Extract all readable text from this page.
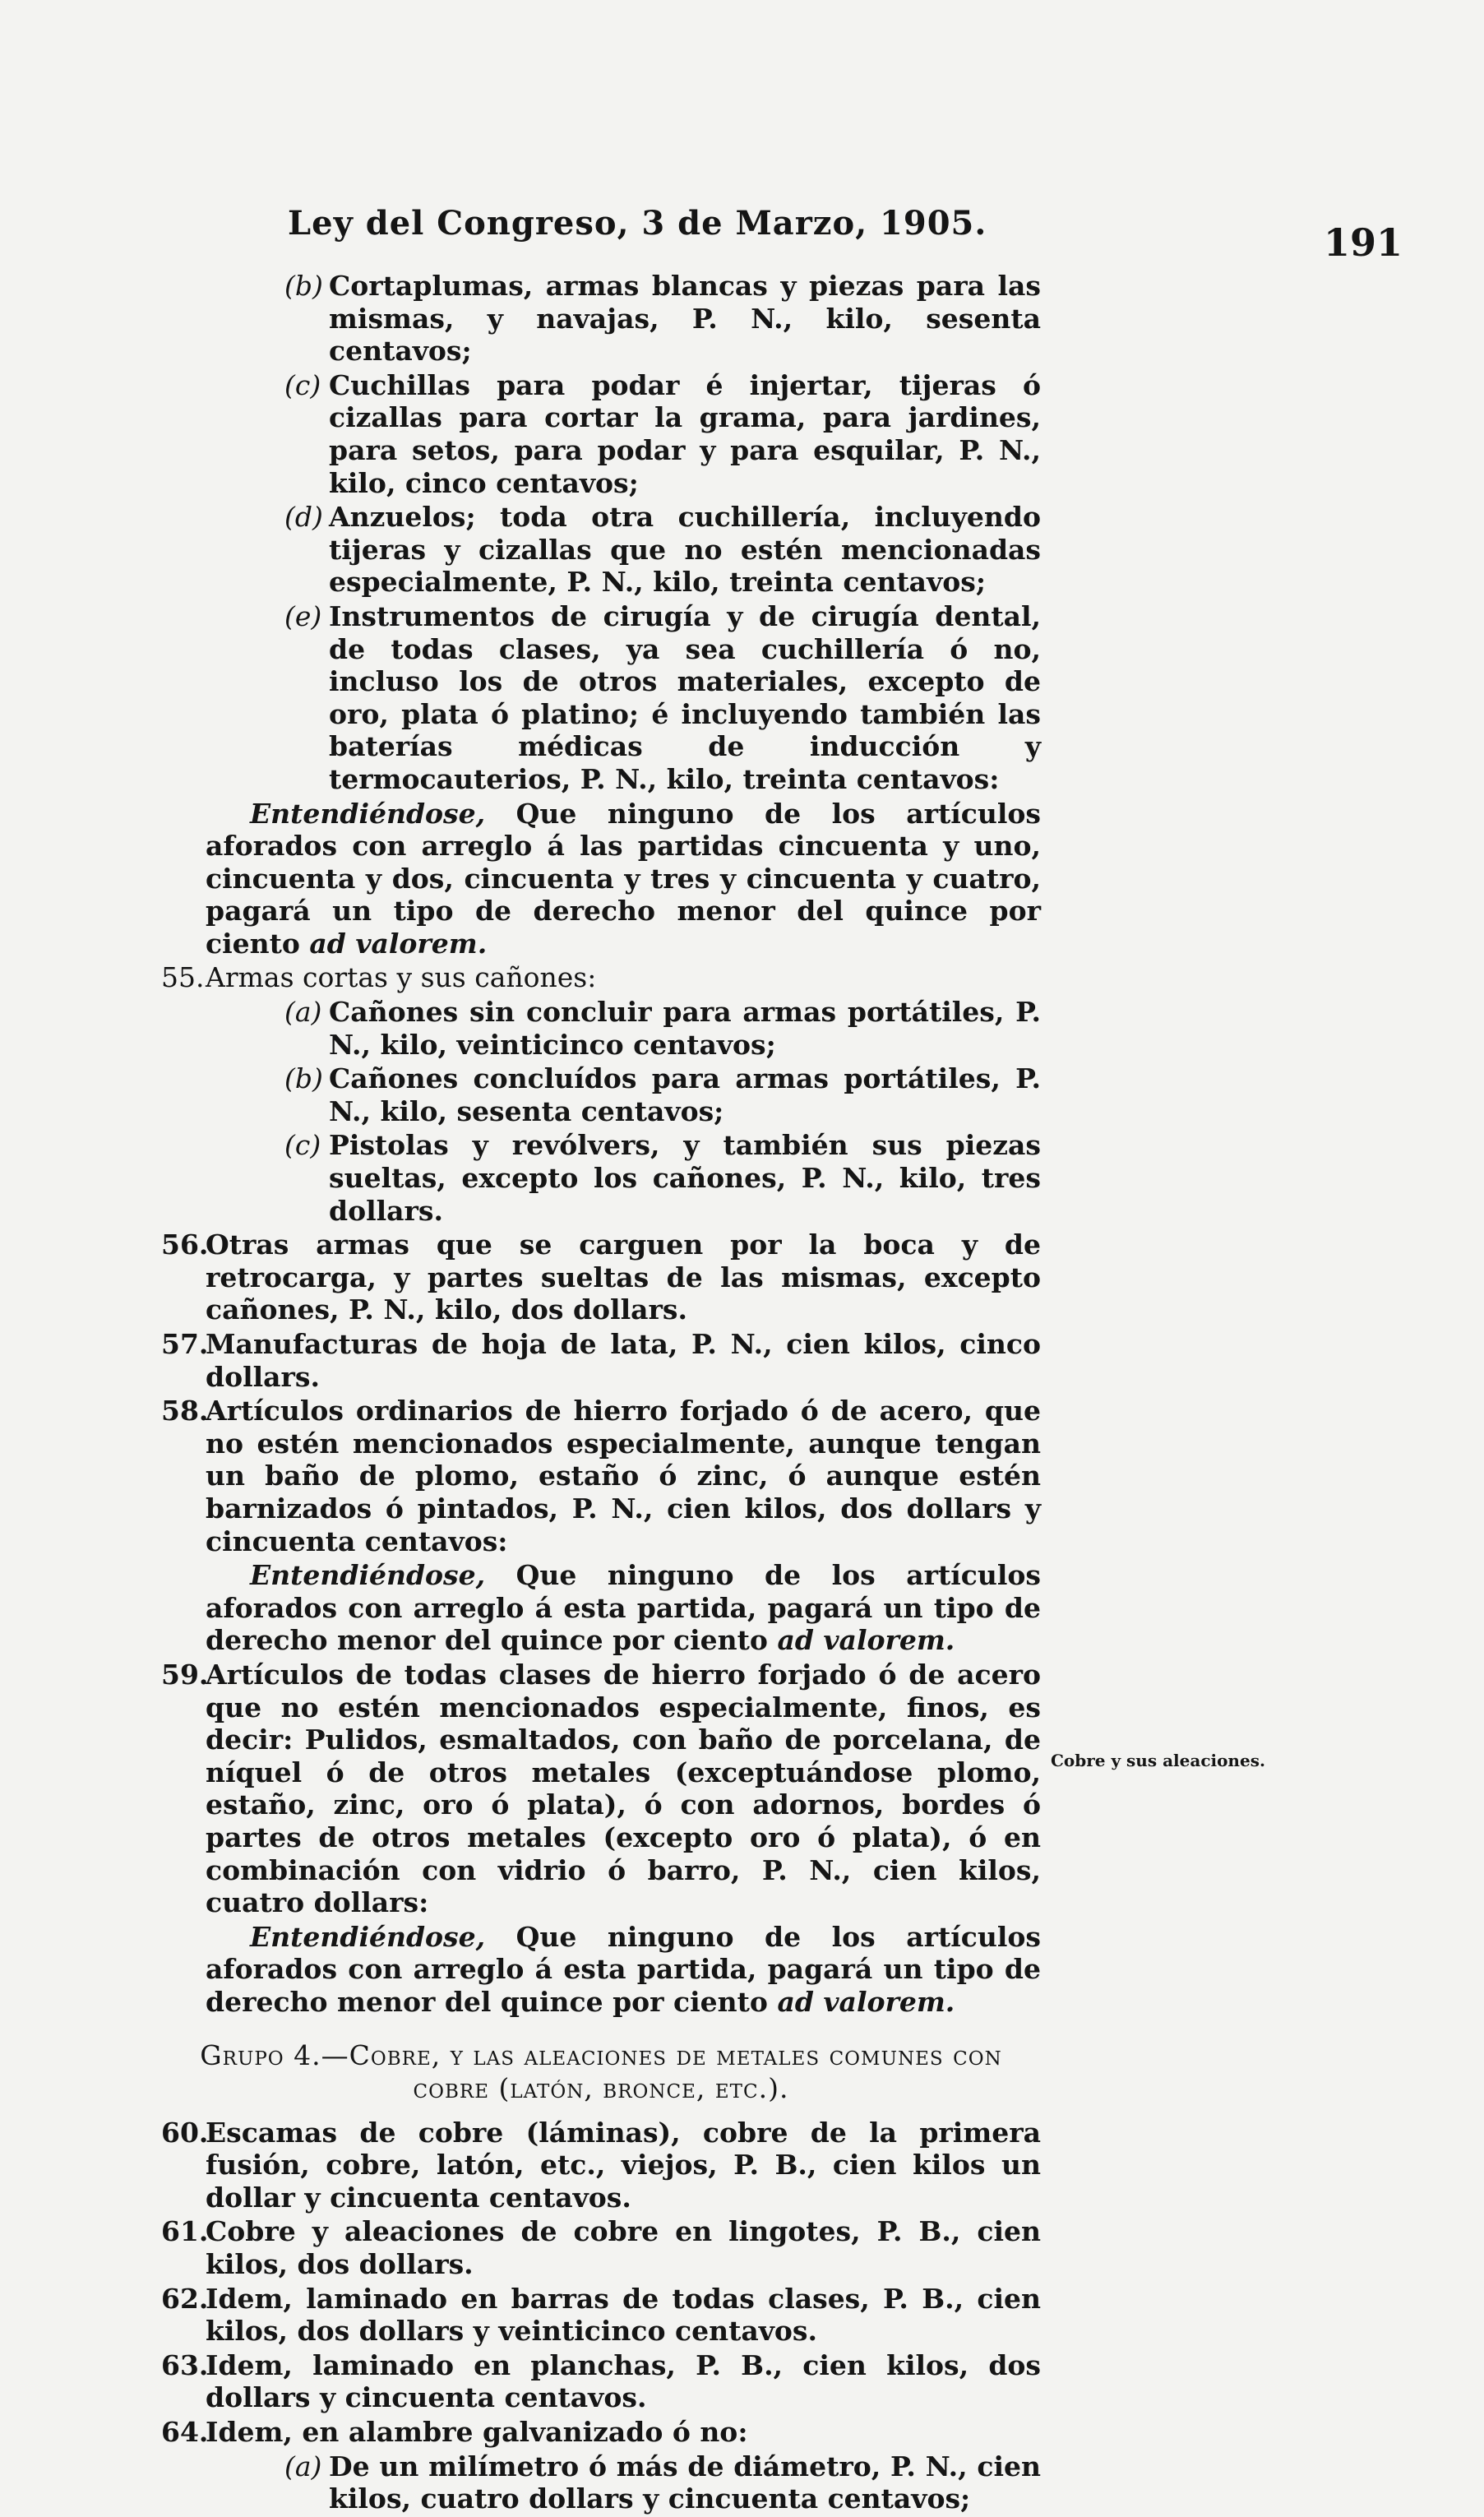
Ley del Congreso, 3 de Marzo, 1905.	191

(b) Cortaplumas, armas blancas y piezas para las mismas, y navajas, P. N., kilo, sesenta centavos;

(c) Cuchillas para podar é injertar, tijeras ó cizallas para cortar la grama, para jardines, para setos, para podar y para esquilar, P. N., kilo, cinco centavos;

(d) Anzuelos; toda otra cuchillería, incluyendo tijeras y cizallas que no estén mencionadas especialmente, P. N., kilo, treinta centavos;

(e) Instrumentos de cirugía y de cirugía dental, de todas clases, ya sea cuchillería ó no, incluso los de otros materiales, excepto de oro, plata ó platino; é incluyendo también las baterías médicas de inducción y termocauterios, P. N., kilo, treinta centavos:

Entendiéndose, Que ninguno de los artículos aforados con arreglo á las partidas cincuenta y uno, cincuenta y dos, cincuenta y tres y cincuenta y cuatro, pagará un tipo de derecho menor del quince por ciento ad valorem.

55.Armas cortas y sus cañones:

(a) Cañones sin concluir para armas portátiles, P. N., kilo, veinticinco centavos;

(b) Cañones concluídos para armas portátiles, P. N., kilo, sesenta centavos;

(c) Pistolas y revólvers, y también sus piezas sueltas, excepto los cañones, P. N., kilo, tres dollars.

56.Otras armas que se carguen por la boca y de retrocarga, y partes sueltas de las mismas, excepto cañones, P. N., kilo, dos dollars.

57.Manufacturas de hoja de lata, P. N., cien kilos, cinco dollars.

58.Artículos ordinarios de hierro forjado ó de acero, que no estén mencionados especialmente, aunque tengan un baño de plomo, estaño ó zinc, ó aunque estén barnizados ó pintados, P. N., cien kilos, dos dollars y cincuenta centavos:

Entendiéndose, Que ninguno de los artículos aforados con arreglo á esta partida, pagará un tipo de derecho menor del quince por ciento ad valorem.

59.Artículos de todas clases de hierro forjado ó de acero que no estén mencionados especialmente, finos, es decir: Pulidos, esmaltados, con baño de porcelana, de níquel ó de otros metales (exceptuándose plomo, estaño, zinc, oro ó plata), ó con adornos, bordes ó partes de otros metales (excepto oro ó plata), ó en combinación con vidrio ó barro, P. N., cien kilos, cuatro dollars:

Entendiéndose, Que ninguno de los artículos aforados con arreglo á esta partida, pagará un tipo de derecho menor del quince por ciento ad valorem.

Grupo 4.—Cobre, y las aleaciones de metales comunes con cobre (latón, bronce, etc.).

60.Escamas de cobre (láminas), cobre de la primera fusión, cobre, latón, etc., viejos, P. B., cien kilos un dollar y cincuenta centavos.

61.Cobre y aleaciones de cobre en lingotes, P. B., cien kilos, dos dollars.

62.Idem, laminado en barras de todas clases, P. B., cien kilos, dos dollars y veinticinco centavos.

63.Idem, laminado en planchas, P. B., cien kilos, dos dollars y cincuenta centavos.

64.Idem, en alambre galvanizado ó no:

(a) De un milímetro ó más de diámetro, P. N., cien kilos, cuatro dollars y cincuenta centavos;

Cobre y sus aleaciones.
